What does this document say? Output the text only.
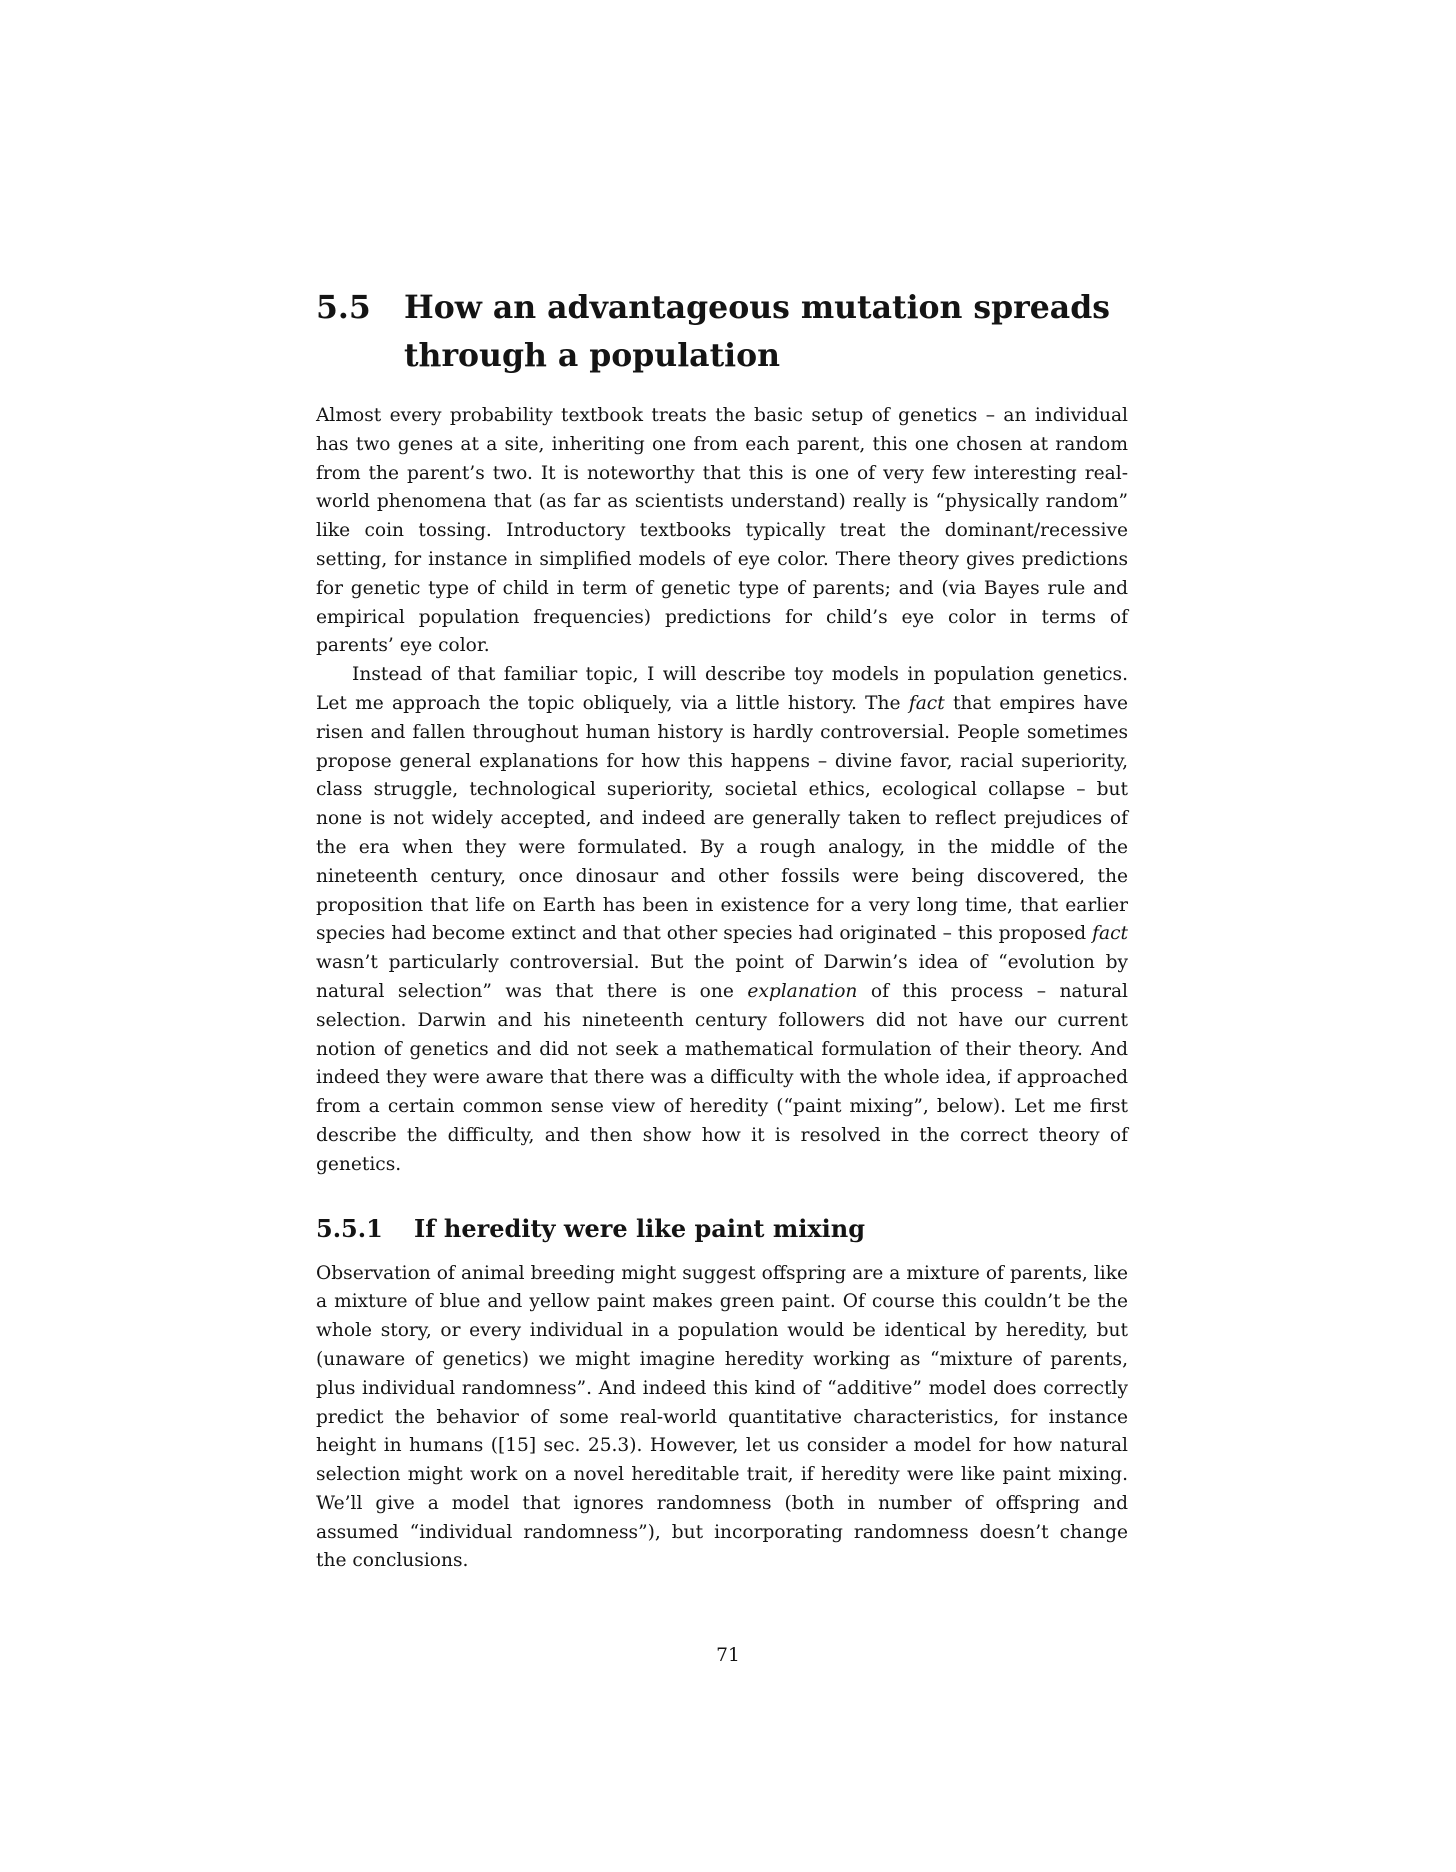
5.5	How an advantageous mutation spreads through a population

Almost every probability textbook treats the basic setup of genetics – an individual has two genes at a site, inheriting one from each parent, this one chosen at random from the parent’s two. It is noteworthy that this is one of very few interesting real-world phenomena that (as far as scientists understand) really is “physically random” like coin tossing. Introductory textbooks typically treat the dominant/recessive setting, for instance in simplified models of eye color. There theory gives predictions for genetic type of child in term of genetic type of parents; and (via Bayes rule and empirical population frequencies) predictions for child’s eye color in terms of parents’ eye color.

Instead of that familiar topic, I will describe toy models in population genetics. Let me approach the topic obliquely, via a little history. The fact that empires have risen and fallen throughout human history is hardly controversial. People sometimes propose general explanations for how this happens – divine favor, racial superiority, class struggle, technological superiority, societal ethics, ecological collapse – but none is not widely accepted, and indeed are generally taken to reflect prejudices of the era when they were formulated. By a rough analogy, in the middle of the nineteenth century, once dinosaur and other fossils were being discovered, the proposition that life on Earth has been in existence for a very long time, that earlier species had become extinct and that other species had originated – this proposed fact wasn’t particularly controversial. But the point of Darwin’s idea of “evolution by natural selection” was that there is one explanation of this process – natural selection. Darwin and his nineteenth century followers did not have our current notion of genetics and did not seek a mathematical formulation of their theory. And indeed they were aware that there was a difficulty with the whole idea, if approached from a certain common sense view of heredity (“paint mixing”, below). Let me first describe the difficulty, and then show how it is resolved in the correct theory of genetics.

5.5.1	If heredity were like paint mixing

Observation of animal breeding might suggest offspring are a mixture of parents, like a mixture of blue and yellow paint makes green paint. Of course this couldn’t be the whole story, or every individual in a population would be identical by heredity, but (unaware of genetics) we might imagine heredity working as “mixture of parents, plus individual randomness”. And indeed this kind of “additive” model does correctly predict the behavior of some real-world quantitative characteristics, for instance height in humans ([15] sec. 25.3). However, let us consider a model for how natural selection might work on a novel hereditable trait, if heredity were like paint mixing. We’ll give a model that ignores randomness (both in number of offspring and assumed “individual randomness”), but incorporating randomness doesn’t change the conclusions.

71
